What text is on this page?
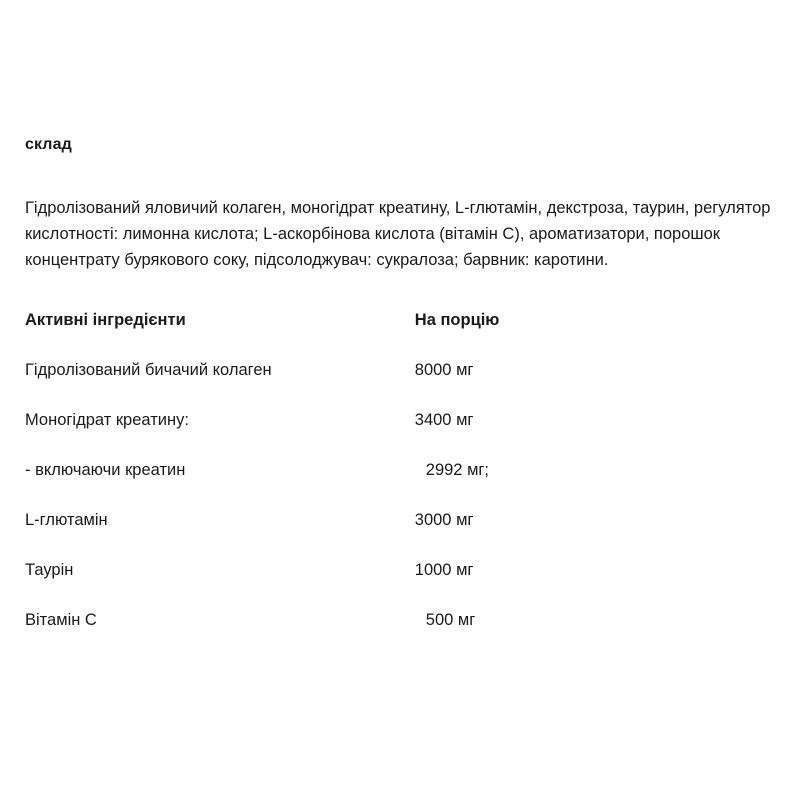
склад

Гідролізований яловичий колаген, моногідрат креатину, L-глютамін, декстроза, таурин, регулятор кислотності: лимонна кислота; L-аскорбінова кислота (вітамін С), ароматизатори, порошок концентрату бурякового соку, підсолоджувач: сукралоза; барвник: каротини.

Активні інгредієнти	На порцію
Гідролізований бичачий колаген	8000 мг
Моногідрат креатину:	3400 мг
- включаючи креатин	2992 мг;
L-глютамін	3000 мг
Таурін	1000 мг
Вітамін C	500 мг
